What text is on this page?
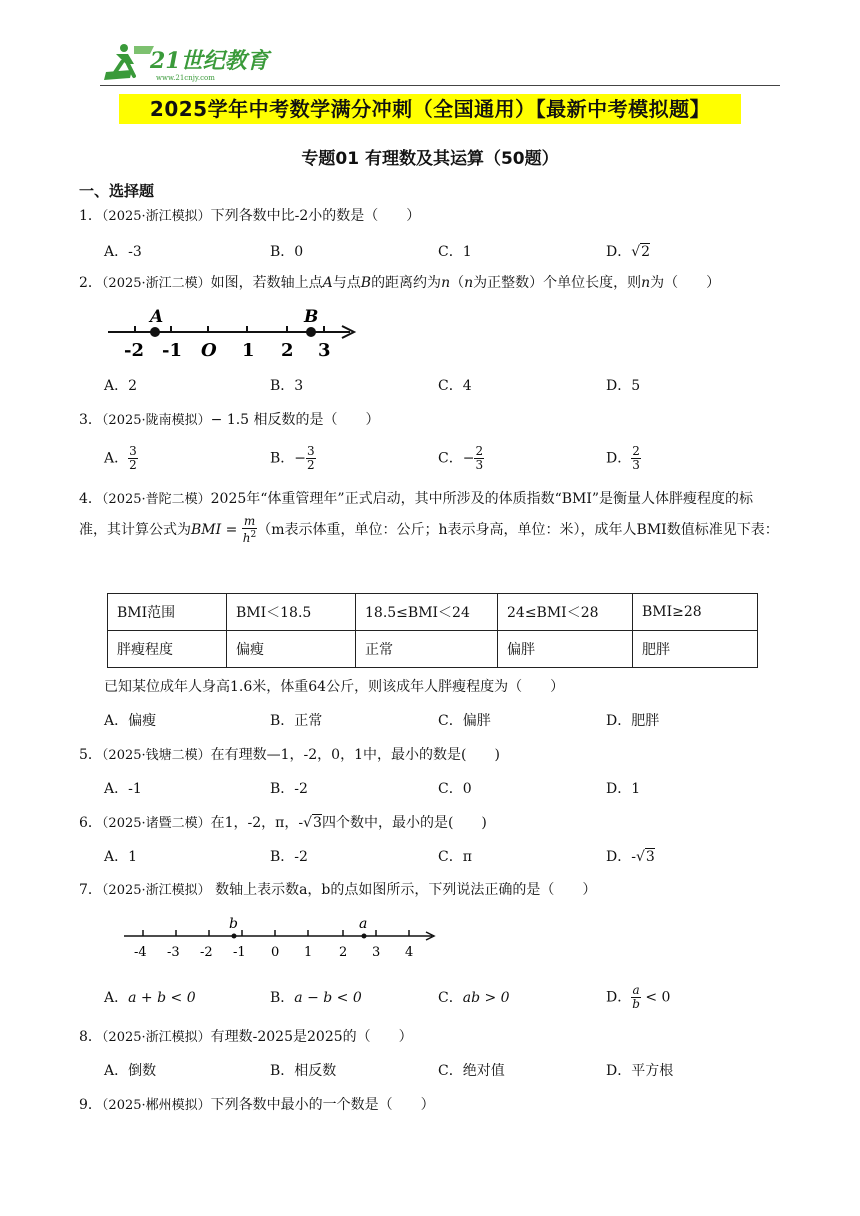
21世纪教育
www.21cnjy.com
2025学年中考数学满分冲刺（全国通用）【最新中考模拟题】
专题01 有理数及其运算（50题）
一、选择题
1．（2025·浙江模拟）下列各数中比-2小的数是（　　）
A．-3	B．0	C．1	D．√2
2．（2025·浙江二模）如图，若数轴上点A与点B的距离约为n（n为正整数）个单位长度，则n为（　　）
A	B
-2 -1 O 1 2 3
A．2	B．3	C．4	D．5
3．（2025·陇南模拟）− 1.5 相反数的是（　　）
A． $\frac{3}{2}$	B．− $\frac{3}{2}$	C．− $\frac{2}{3}$	D． $\frac{2}{3}$
4．（2025·普陀二模）2025年“体重管理年”正式启动，其中所涉及的体质指数“BMI”是衡量人体胖瘦程度的标准，其计算公式为BMI = $\frac{m}{h^2} (m$表示体重，单位：公斤；h表示身高，单位：米），成年人BMI数值标准见下表：
BMI范围	BMI＜18.5	18.5≤BMI＜24	24≤BMI＜28	BMI≥28
胖瘦程度	偏瘦	正常	偏胖	肥胖
已知某位成年人身高1.6米，体重64公斤，则该成年人胖瘦程度为（　　）
A．偏瘦	B．正常	C．偏胖	D．肥胖
5．（2025·钱塘二模）在有理数—1，-2，0，1中，最小的数是(　　)
A．-1	B．-2	C．0	D．1
6．（2025·诸暨二模）在1，-2，π，-√3四个数中，最小的是(　　)
A．1	B．-2	C．π	D．-√3
7．（2025·浙江模拟） 数轴上表示数a，b的点如图所示，下列说法正确的是（　　）
b	a
-4 -3 -2 -1 0 1 2 3 4
A．a + b < 0	B．a − b < 0	C．ab > 0	D． $\frac{a}{b} < 0$
8．（2025·浙江模拟）有理数-2025是2025的（　　）
A．倒数	B．相反数	C．绝对值	D．平方根
9．（2025·郴州模拟）下列各数中最小的一个数是（　　）
